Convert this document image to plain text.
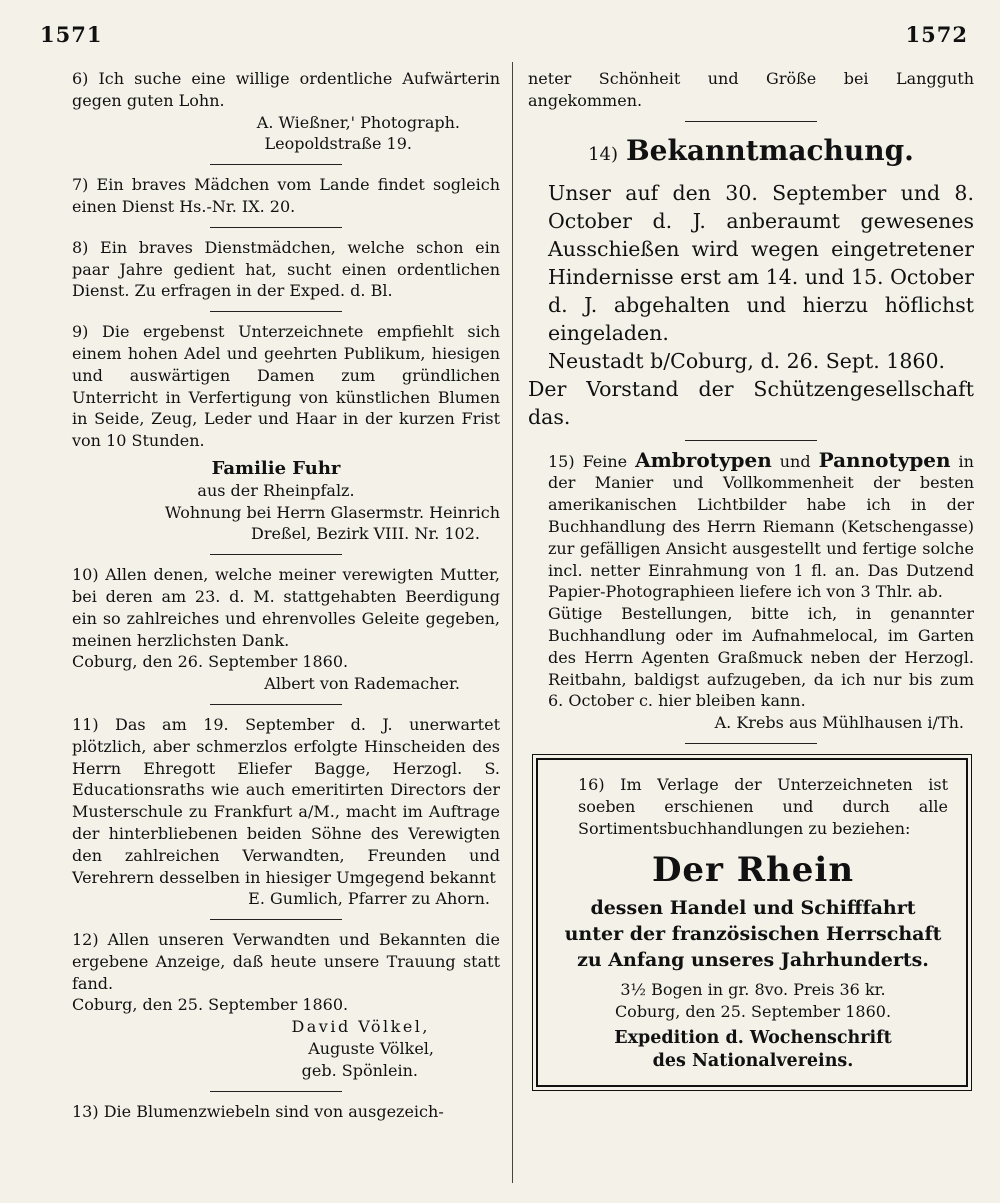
1571	1572

6) Ich suche eine willige ordentliche Aufwärterin gegen guten Lohn.

A. Wießner,' Photograph.

Leopoldstraße 19.

7) Ein braves Mädchen vom Lande findet sogleich einen Dienst Hs.-Nr. IX. 20.

8) Ein braves Dienstmädchen, welche schon ein paar Jahre gedient hat, sucht einen ordentlichen Dienst. Zu erfragen in der Exped. d. Bl.

9) Die ergebenst Unterzeichnete empfiehlt sich einem hohen Adel und geehrten Publikum, hiesigen und auswärtigen Damen zum gründlichen Unterricht in Verfertigung von künstlichen Blumen in Seide, Zeug, Leder und Haar in der kurzen Frist von 10 Stunden.

Familie Fuhr

aus der Rheinpfalz.

Wohnung bei Herrn Glasermstr. Heinrich

Dreßel, Bezirk VIII. Nr. 102.

10) Allen denen, welche meiner verewigten Mutter, bei deren am 23. d. M. stattgehabten Beerdigung ein so zahlreiches und ehrenvolles Geleite gegeben, meinen herzlichsten Dank.

Coburg, den 26. September 1860.

Albert von Rademacher.

11) Das am 19. September d. J. unerwartet plötzlich, aber schmerzlos erfolgte Hinscheiden des Herrn Ehregott Eliefer Bagge, Herzogl. S. Educationsraths wie auch emeritirten Directors der Musterschule zu Frankfurt a/M., macht im Auftrage der hinterbliebenen beiden Söhne des Verewigten den zahlreichen Verwandten, Freunden und Verehrern desselben in hiesiger Umgegend bekannt

E. Gumlich, Pfarrer zu Ahorn.

12) Allen unseren Verwandten und Bekannten die ergebene Anzeige, daß heute unsere Trauung statt fand.

Coburg, den 25. September 1860.

David Völkel,

Auguste Völkel,

geb. Spönlein.

13) Die Blumenzwiebeln sind von ausgezeich-

neter Schönheit und Größe bei Langguth angekommen.

14) Bekanntmachung.

Unser auf den 30. September und 8. October d. J. anberaumt gewesenes Ausschießen wird wegen eingetretener Hindernisse erst am 14. und 15. October d. J. abgehalten und hierzu höflichst eingeladen.

Neustadt b/Coburg, d. 26. Sept. 1860.

Der Vorstand der Schützengesellschaft das.

15) Feine Ambrotypen und Pannotypen in der Manier und Vollkommenheit der besten amerikanischen Lichtbilder habe ich in der Buchhandlung des Herrn Riemann (Ketschengasse) zur gefälligen Ansicht ausgestellt und fertige solche incl. netter Einrahmung von 1 fl. an. Das Dutzend Papier-Photographieen liefere ich von 3 Thlr. ab.

Gütige Bestellungen, bitte ich, in genannter Buchhandlung oder im Aufnahmelocal, im Garten des Herrn Agenten Graßmuck neben der Herzogl. Reitbahn, baldigst aufzugeben, da ich nur bis zum 6. October c. hier bleiben kann.

A. Krebs aus Mühlhausen i/Th.

16) Im Verlage der Unterzeichneten ist soeben erschienen und durch alle Sortimentsbuchhandlungen zu beziehen:

Der Rhein

dessen Handel und Schifffahrt unter der französischen Herrschaft zu Anfang unseres Jahrhunderts.

3½ Bogen in gr. 8vo. Preis 36 kr.

Coburg, den 25. September 1860.

Expedition d. Wochenschrift

des Nationalvereins.
